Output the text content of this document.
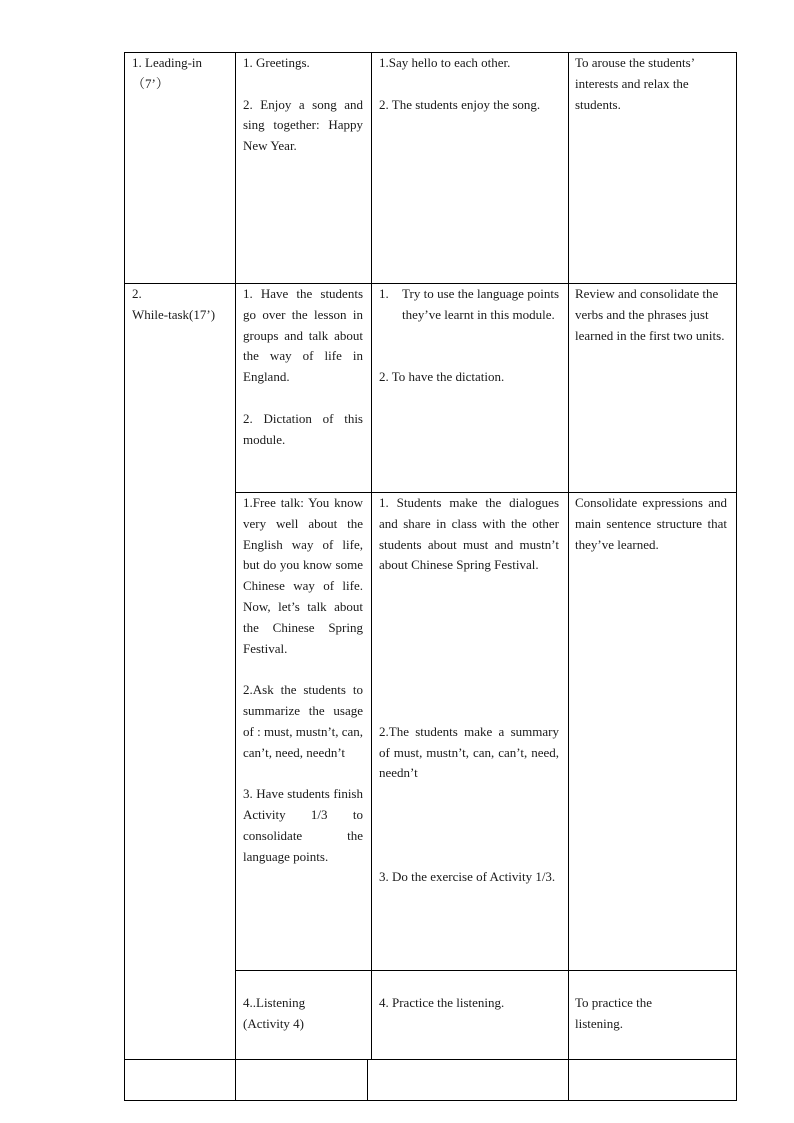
1. Leading-in

（7’）

1. Greetings.

2. Enjoy a song and sing together: Happy New Year.

1.Say hello to each other.

2. The students enjoy the song.

To arouse the students’ interests and relax the students.

2.

While-task(17’)

1. Have the students go over the lesson in groups and talk about the way of life in England.

2. Dictation of this module.

1.	Try to use the language points they’ve learnt in this module.

2. To have the dictation.

Review and consolidate the verbs and the phrases just learned in the first two units.

1.Free talk: You know very well about the English way of life, but do you know some Chinese way of life. Now, let’s talk about the Chinese Spring Festival.

2.Ask the students to summarize the usage of : must, mustn’t, can, can’t, need, needn’t

3. Have students finish Activity 1/3 to consolidate the language points.

1. Students make the dialogues and share in class with the other students about must and mustn’t about Chinese Spring Festival.

2.The students make a summary of must, mustn’t, can, can’t, need, needn’t

3. Do the exercise of Activity 1/3.

Consolidate expressions and main sentence structure that they’ve learned.

4..Listening (Activity 4)

4. Practice the listening.	To practice the listening.
